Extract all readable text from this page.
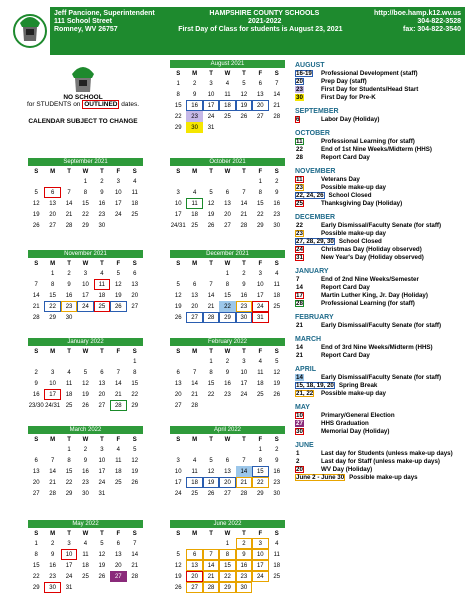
Jeff Pancione, Superintendent	HAMPSHIRE COUNTY SCHOOLS	http://boe.hamp.k12.wv.us
111 School Street	2021-2022	304-822-3528
Romney, WV 26757	First Day of Class for students is August 23, 2021	fax: 304-822-3540
NO SCHOOL
for STUDENTS on OUTLINED dates.
CALENDAR SUBJECT TO CHANGE
August 2021
S	M	T	W	T	F	S
1	2	3	4	5	6	7
8	9	10	11	12	13	14
15	16	17	18	19	20	21
22	23	24	25	26	27	28
29	30	31				
September 2021
S	M	T	W	T	F	S
			1	2	3	4
5	6	7	8	9	10	11
12	13	14	15	16	17	18
19	20	21	22	23	24	25
26	27	28	29	30		
October 2021
S	M	T	W	T	F	S
					1	2
3	4	5	6	7	8	9
10	11	12	13	14	15	16
17	18	19	20	21	22	23
24/31	25	26	27	28	29	30
November 2021
S	M	T	W	T	F	S
	1	2	3	4	5	6
7	8	9	10	11	12	13
14	15	16	17	18	19	20
21	22	23	24	25	26	27
28	29	30				
December 2021
S	M	T	W	T	F	S
			1	2	3	4
5	6	7	8	9	10	11
12	13	14	15	16	17	18
19	20	21	22	23	24	25
26	27	28	29	30	31	
January 2022
S	M	T	W	T	F	S
						1
2	3	4	5	6	7	8
9	10	11	12	13	14	15
16	17	18	19	20	21	22
23/30	24/31	25	26	27	28	29
February 2022
S	M	T	W	T	F	S
		1	2	3	4	5
6	7	8	9	10	11	12
13	14	15	16	17	18	19
20	21	22	23	24	25	26
27	28					
March 2022
S	M	T	W	T	F	S
		1	2	3	4	5
6	7	8	9	10	11	12
13	14	15	16	17	18	19
20	21	22	23	24	25	26
27	28	29	30	31		
April 2022
S	M	T	W	T	F	S
					1	2
3	4	5	6	7	8	9
10	11	12	13	14	15	16
17	18	19	20	21	22	23
24	25	26	27	28	29	30
May 2022
S	M	T	W	T	F	S
1	2	3	4	5	6	7
8	9	10	11	12	13	14
15	16	17	18	19	20	21
22	23	24	25	26	27	28
29	30	31				
June 2022
S	M	T	W	T	F	S
			1	2	3	4
5	6	7	8	9	10	11
12	13	14	15	16	17	18
19	20	21	22	23	24	25
26	27	28	29	30		
AUGUST
16-19	Professional Development (staff)
20	Prep Day (staff)
23	First Day for Students/Head Start
30	First Day for Pre-K
SEPTEMBER
6	Labor Day (Holiday)
OCTOBER
11	Professional Learning (for staff)
22	End of 1st Nine Weeks/Midterm (HHS)
28	Report Card Day
NOVEMBER
11	Veterans Day
23	Possible make-up day
22, 24, 26 School Closed
25	Thanksgiving Day (Holiday)
DECEMBER
22	Early Dismissal/Faculty Senate (for staff)
23	Possible make-up day
27, 28, 29, 30 School Closed
24	Christmas Day (Holiday observed)
31	New Year's Day (Holiday observed)
JANUARY
7	End of 2nd Nine Weeks/Semester
14	Report Card Day
17	Martin Luther King, Jr. Day (Holiday)
28	Professional Learning (for staff)
FEBRUARY
21	Early Dismissal/Faculty Senate (for staff)
MARCH
14	End of 3rd Nine Weeks/Midterm (HHS)
21	Report Card Day
APRIL
14	Early Dismissal/Faculty Senate (for staff)
15, 18, 19, 20 Spring Break
21, 22	Possible make-up day
MAY
10	Primary/General Election
27	HHS Graduation
30	Memorial Day (Holiday)
JUNE
1	Last day for Students (unless make-up days)
2	Last day for Staff (unless make-up days)
20	WV Day (Holiday)
June 2 - June 30 Possible make-up days
